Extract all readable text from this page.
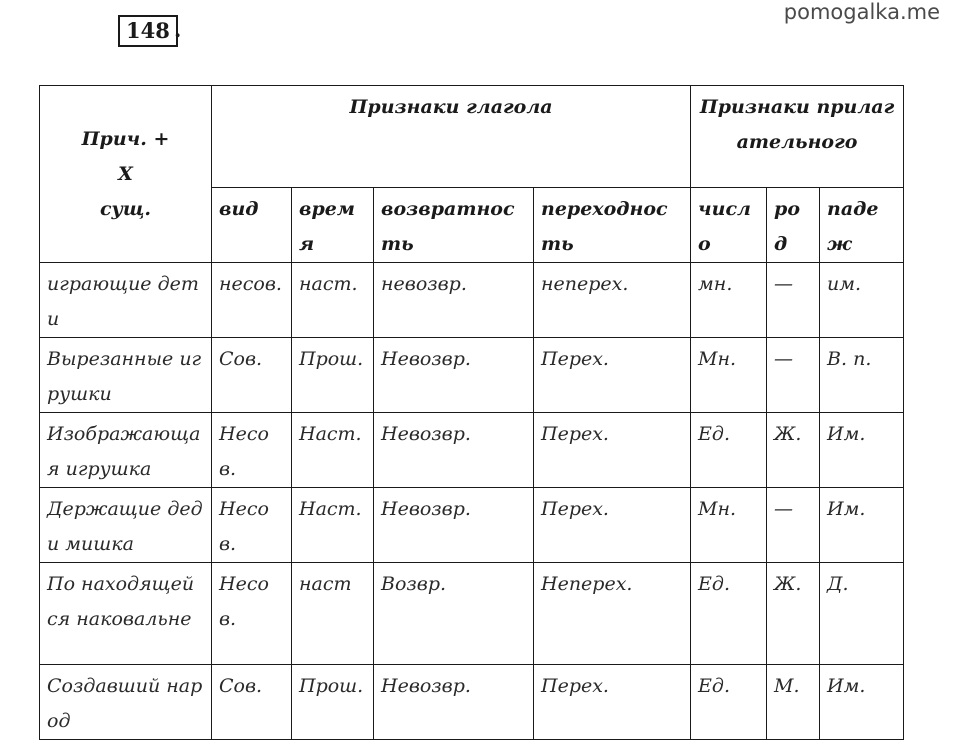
148 .
pomogalka.me
Прич. +
Х
сущ.	Признаки глагола				Признаки прилагательного		
	вид	время	возвратность	переходность	число	род	падеж
играющие дети	несов.	наст.	невозвр.	неперех.	мн.	—	им.
Вырезанные игрушки	Сов.	Прош.	Невозвр.	Перех.	Мн.	—	В. п.
Изображающая игрушка	Несов.	Наст.	Невозвр.	Перех.	Ед.	Ж.	Им.
Держащие дед и мишка	Несов.	Наст.	Невозвр.	Перех.	Мн.	—	Им.
По находящейся наковальне	Несов.	наст	Возвр.	Неперех.	Ед.	Ж.	Д.
Создавший народ	Сов.	Прош.	Невозвр.	Перех.	Ед.	М.	Им.
